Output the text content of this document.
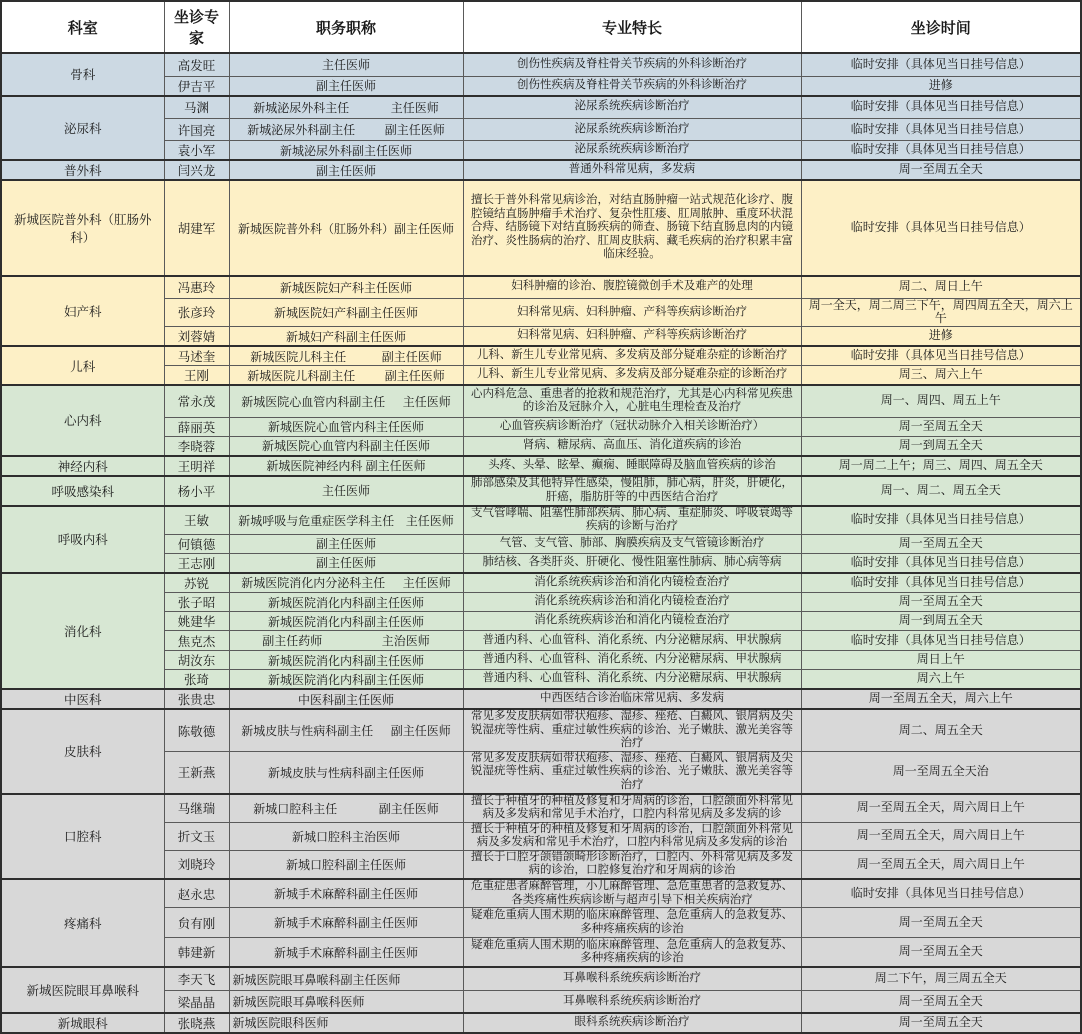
科室	坐诊专家	职务职称	专业特长	坐诊时间
骨科	高发旺	主任医师	创伤性疾病及脊柱骨关节疾病的外科诊断治疗	临时安排（具体见当日挂号信息）
	伊吉平	副主任医师	创伤性疾病及脊柱骨关节疾病的外科诊断治疗	进修
泌尿科	马渊	新城泌尿外科主任 主任医师	泌尿系统疾病诊断治疗	临时安排（具体见当日挂号信息）
	许国亮	新城泌尿外科副主任 副主任医师	泌尿系统疾病诊断治疗	临时安排（具体见当日挂号信息）
	袁小军	新城泌尿外科副主任医师	泌尿系统疾病诊断治疗	临时安排（具体见当日挂号信息）
普外科	闫兴龙	副主任医师	普通外科常见病，多发病	周一至周五全天
新城医院普外科（肛肠外科）	胡建军	新城医院普外科（肛肠外科）副主任医师	擅长于普外科常见病诊治，对结直肠肿瘤一站式规范化诊疗、腹腔镜结直肠肿瘤手术治疗、复杂性肛瘘、肛周脓肿、重度环状混合痔、结肠镜下对结直肠疾病的筛查、肠镜下结直肠息肉的内镜治疗、炎性肠病的治疗、肛周皮肤病、藏毛疾病的治疗积累丰富临床经验。	临时安排（具体见当日挂号信息）
妇产科	冯惠玲	新城医院妇产科主任医师	妇科肿瘤的诊治、腹腔镜微创手术及难产的处理	周二、周日上午
	张彦玲	新城医院妇产科副主任医师	妇科常见病、妇科肿瘤、产科等疾病诊断治疗	周一全天，周二周三下午，周四周五全天，周六上午
	刘蓉婧	新城妇产科副主任医师	妇科常见病、妇科肿瘤、产科等疾病诊断治疗	进修
儿科	马述奎	新城医院儿科主任 副主任医师	儿科、新生儿专业常见病、多发病及部分疑难杂症的诊断治疗	临时安排（具体见当日挂号信息）
	王刚	新城医院儿科副主任 副主任医师	儿科、新生儿专业常见病、多发病及部分疑难杂症的诊断治疗	周三、周六上午
心内科	常永茂	新城医院心血管内科副主任 主任医师	心内科危急、重患者的抢救和规范治疗，尤其是心内科常见疾患的诊治及冠脉介入，心脏电生理检查及治疗	周一、周四、周五上午
	薛丽英	新城医院心血管内科主任医师	心血管疾病诊断治疗（冠状动脉介入相关诊断治疗）	周一至周五全天
	李晓蓉	新城医院心血管内科副主任医师	肾病、糖尿病、高血压、消化道疾病的诊治	周一到周五全天
神经内科	王明祥	新城医院神经内科 副主任医师	头疼、头晕、眩晕、癫痫、睡眠障碍及脑血管疾病的诊治	周一周二上午；周三、周四、周五全天
呼吸感染科	杨小平	主任医师	肺部感染及其他特异性感染，慢阻肺，肺心病，肝炎，肝硬化，肝癌，脂肪肝等的中西医结合治疗	周一、周二、周五全天
呼吸内科	王敏	新城呼吸与危重症医学科主任 主任医师	支气管哮喘、阻塞性肺部疾病、肺心病、重症肺炎、呼吸衰竭等疾病的诊断与治疗	临时安排（具体见当日挂号信息）
	何镇德	副主任医师	气管、支气管、肺部、胸膜疾病及支气管镜诊断治疗	周一至周五全天
	王志刚	副主任医师	肺结核、各类肝炎、肝硬化、慢性阻塞性肺病、肺心病等病	临时安排（具体见当日挂号信息）
消化科	苏锐	新城医院消化内分泌科主任 主任医师	消化系统疾病诊治和消化内镜检查治疗	临时安排（具体见当日挂号信息）
	张子昭	新城医院消化内科副主任医师	消化系统疾病诊治和消化内镜检查治疗	周一至周五全天
	姚建华	新城医院消化内科副主任医师	消化系统疾病诊治和消化内镜检查治疗	周一到周五全天
	焦克杰	副主任药师 主治医师	普通内科、心血管科、消化系统、内分泌糖尿病、甲状腺病	临时安排（具体见当日挂号信息）
	胡汝东	新城医院消化内科副主任医师	普通内科、心血管科、消化系统、内分泌糖尿病、甲状腺病	周日上午
	张琦	新城医院消化内科副主任医师	普通内科、心血管科、消化系统、内分泌糖尿病、甲状腺病	周六上午
中医科	张贵忠	中医科副主任医师	中西医结合诊治临床常见病、多发病	周一至周五全天，周六上午
皮肤科	陈敬德	新城皮肤与性病科副主任 副主任医师	常见多发皮肤病如带状疱疹、湿疹、痤疮、白癜风、银屑病及尖锐湿疣等性病、重症过敏性疾病的诊治、光子嫩肤、激光美容等治疗	周二、周五全天
	王新燕	新城皮肤与性病科副主任医师	常见多发皮肤病如带状疱疹、湿疹、痤疮、白癜风、银屑病及尖锐湿疣等性病、重症过敏性疾病的诊治、光子嫩肤、激光美容等治疗	周一至周五全天治
口腔科	马继瑞	新城口腔科主任 副主任医师	擅长于种植牙的种植及修复和牙周病的诊治，口腔颌面外科常见病及多发病和常见手术治疗，口腔内科常见病及多发病的诊	周一至周五全天，周六周日上午
	折文玉	新城口腔科主治医师	擅长于种植牙的种植及修复和牙周病的诊治，口腔颌面外科常见病及多发病和常见手术治疗，口腔内科常见病及多发病的诊治	周一至周五全天，周六周日上午
	刘晓玲	新城口腔科副主任医师	擅长于口腔牙颌错颌畸形诊断治疗，口腔内、外科常见病及多发病的诊治，口腔修复治疗和牙周病的诊治	周一至周五全天，周六周日上午
疼痛科	赵永忠	新城手术麻醉科副主任医师	危重症患者麻醉管理，小儿麻醉管理、急危重患者的急救复苏、各类疼痛性疾病诊断与超声引导下相关疾病治疗	临时安排（具体见当日挂号信息）
	贠有刚	新城手术麻醉科副主任医师	疑难危重病人围术期的临床麻醉管理、急危重病人的急救复苏、多种疼痛疾病的诊治	周一至周五全天
	韩建新	新城手术麻醉科副主任医师	疑难危重病人围术期的临床麻醉管理、急危重病人的急救复苏、多种疼痛疾病的诊治	周一至周五全天
新城医院眼耳鼻喉科	李天飞	新城医院眼耳鼻喉科副主任医师	耳鼻喉科系统疾病诊断治疗	周二下午，周三周五全天
	梁晶晶	新城医院眼耳鼻喉科医师	耳鼻喉科系统疾病诊断治疗	周一至周五全天
新城眼科	张晓燕	新城医院眼科医师	眼科系统疾病诊断治疗	周一至周五全天
